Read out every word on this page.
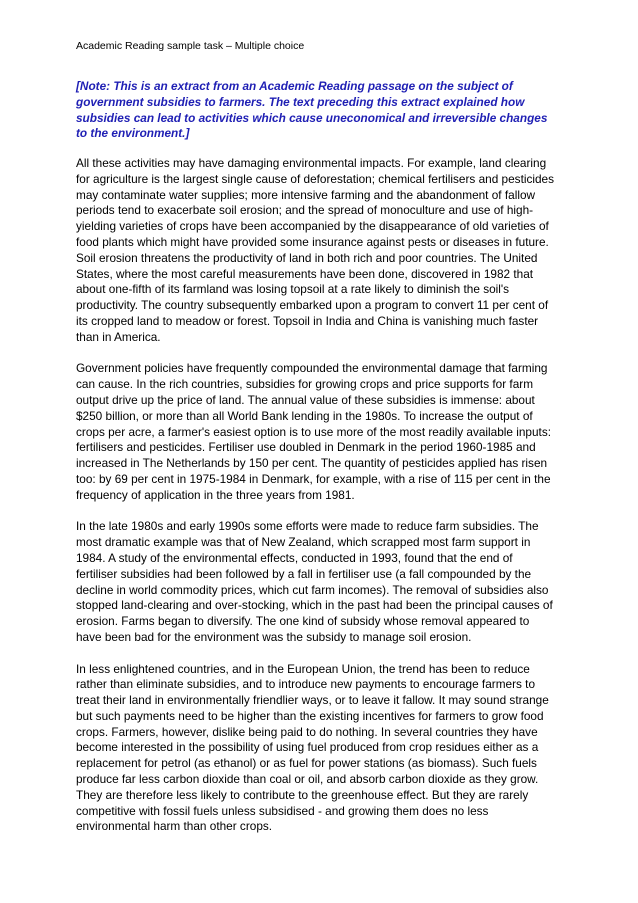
Academic Reading sample task – Multiple choice
[Note: This is an extract from an Academic Reading passage on the subject of
government subsidies to farmers. The text preceding this extract explained how
subsidies can lead to activities which cause uneconomical and irreversible changes
to the environment.]

All these activities may have damaging environmental impacts. For example, land clearing
for agriculture is the largest single cause of deforestation; chemical fertilisers and pesticides
may contaminate water supplies; more intensive farming and the abandonment of fallow
periods tend to exacerbate soil erosion; and the spread of monoculture and use of high-
yielding varieties of crops have been accompanied by the disappearance of old varieties of
food plants which might have provided some insurance against pests or diseases in future.
Soil erosion threatens the productivity of land in both rich and poor countries. The United
States, where the most careful measurements have been done, discovered in 1982 that
about one-fifth of its farmland was losing topsoil at a rate likely to diminish the soil's
productivity. The country subsequently embarked upon a program to convert 11 per cent of
its cropped land to meadow or forest. Topsoil in India and China is vanishing much faster
than in America.

Government policies have frequently compounded the environmental damage that farming
can cause. In the rich countries, subsidies for growing crops and price supports for farm
output drive up the price of land. The annual value of these subsidies is immense: about
$250 billion, or more than all World Bank lending in the 1980s. To increase the output of
crops per acre, a farmer's easiest option is to use more of the most readily available inputs:
fertilisers and pesticides. Fertiliser use doubled in Denmark in the period 1960-1985 and
increased in The Netherlands by 150 per cent. The quantity of pesticides applied has risen
too: by 69 per cent in 1975-1984 in Denmark, for example, with a rise of 115 per cent in the
frequency of application in the three years from 1981.

In the late 1980s and early 1990s some efforts were made to reduce farm subsidies. The
most dramatic example was that of New Zealand, which scrapped most farm support in
1984. A study of the environmental effects, conducted in 1993, found that the end of
fertiliser subsidies had been followed by a fall in fertiliser use (a fall compounded by the
decline in world commodity prices, which cut farm incomes). The removal of subsidies also
stopped land-clearing and over-stocking, which in the past had been the principal causes of
erosion. Farms began to diversify. The one kind of subsidy whose removal appeared to
have been bad for the environment was the subsidy to manage soil erosion.

In less enlightened countries, and in the European Union, the trend has been to reduce
rather than eliminate subsidies, and to introduce new payments to encourage farmers to
treat their land in environmentally friendlier ways, or to leave it fallow. It may sound strange
but such payments need to be higher than the existing incentives for farmers to grow food
crops. Farmers, however, dislike being paid to do nothing. In several countries they have
become interested in the possibility of using fuel produced from crop residues either as a
replacement for petrol (as ethanol) or as fuel for power stations (as biomass). Such fuels
produce far less carbon dioxide than coal or oil, and absorb carbon dioxide as they grow.
They are therefore less likely to contribute to the greenhouse effect. But they are rarely
competitive with fossil fuels unless subsidised - and growing them does no less
environmental harm than other crops.
